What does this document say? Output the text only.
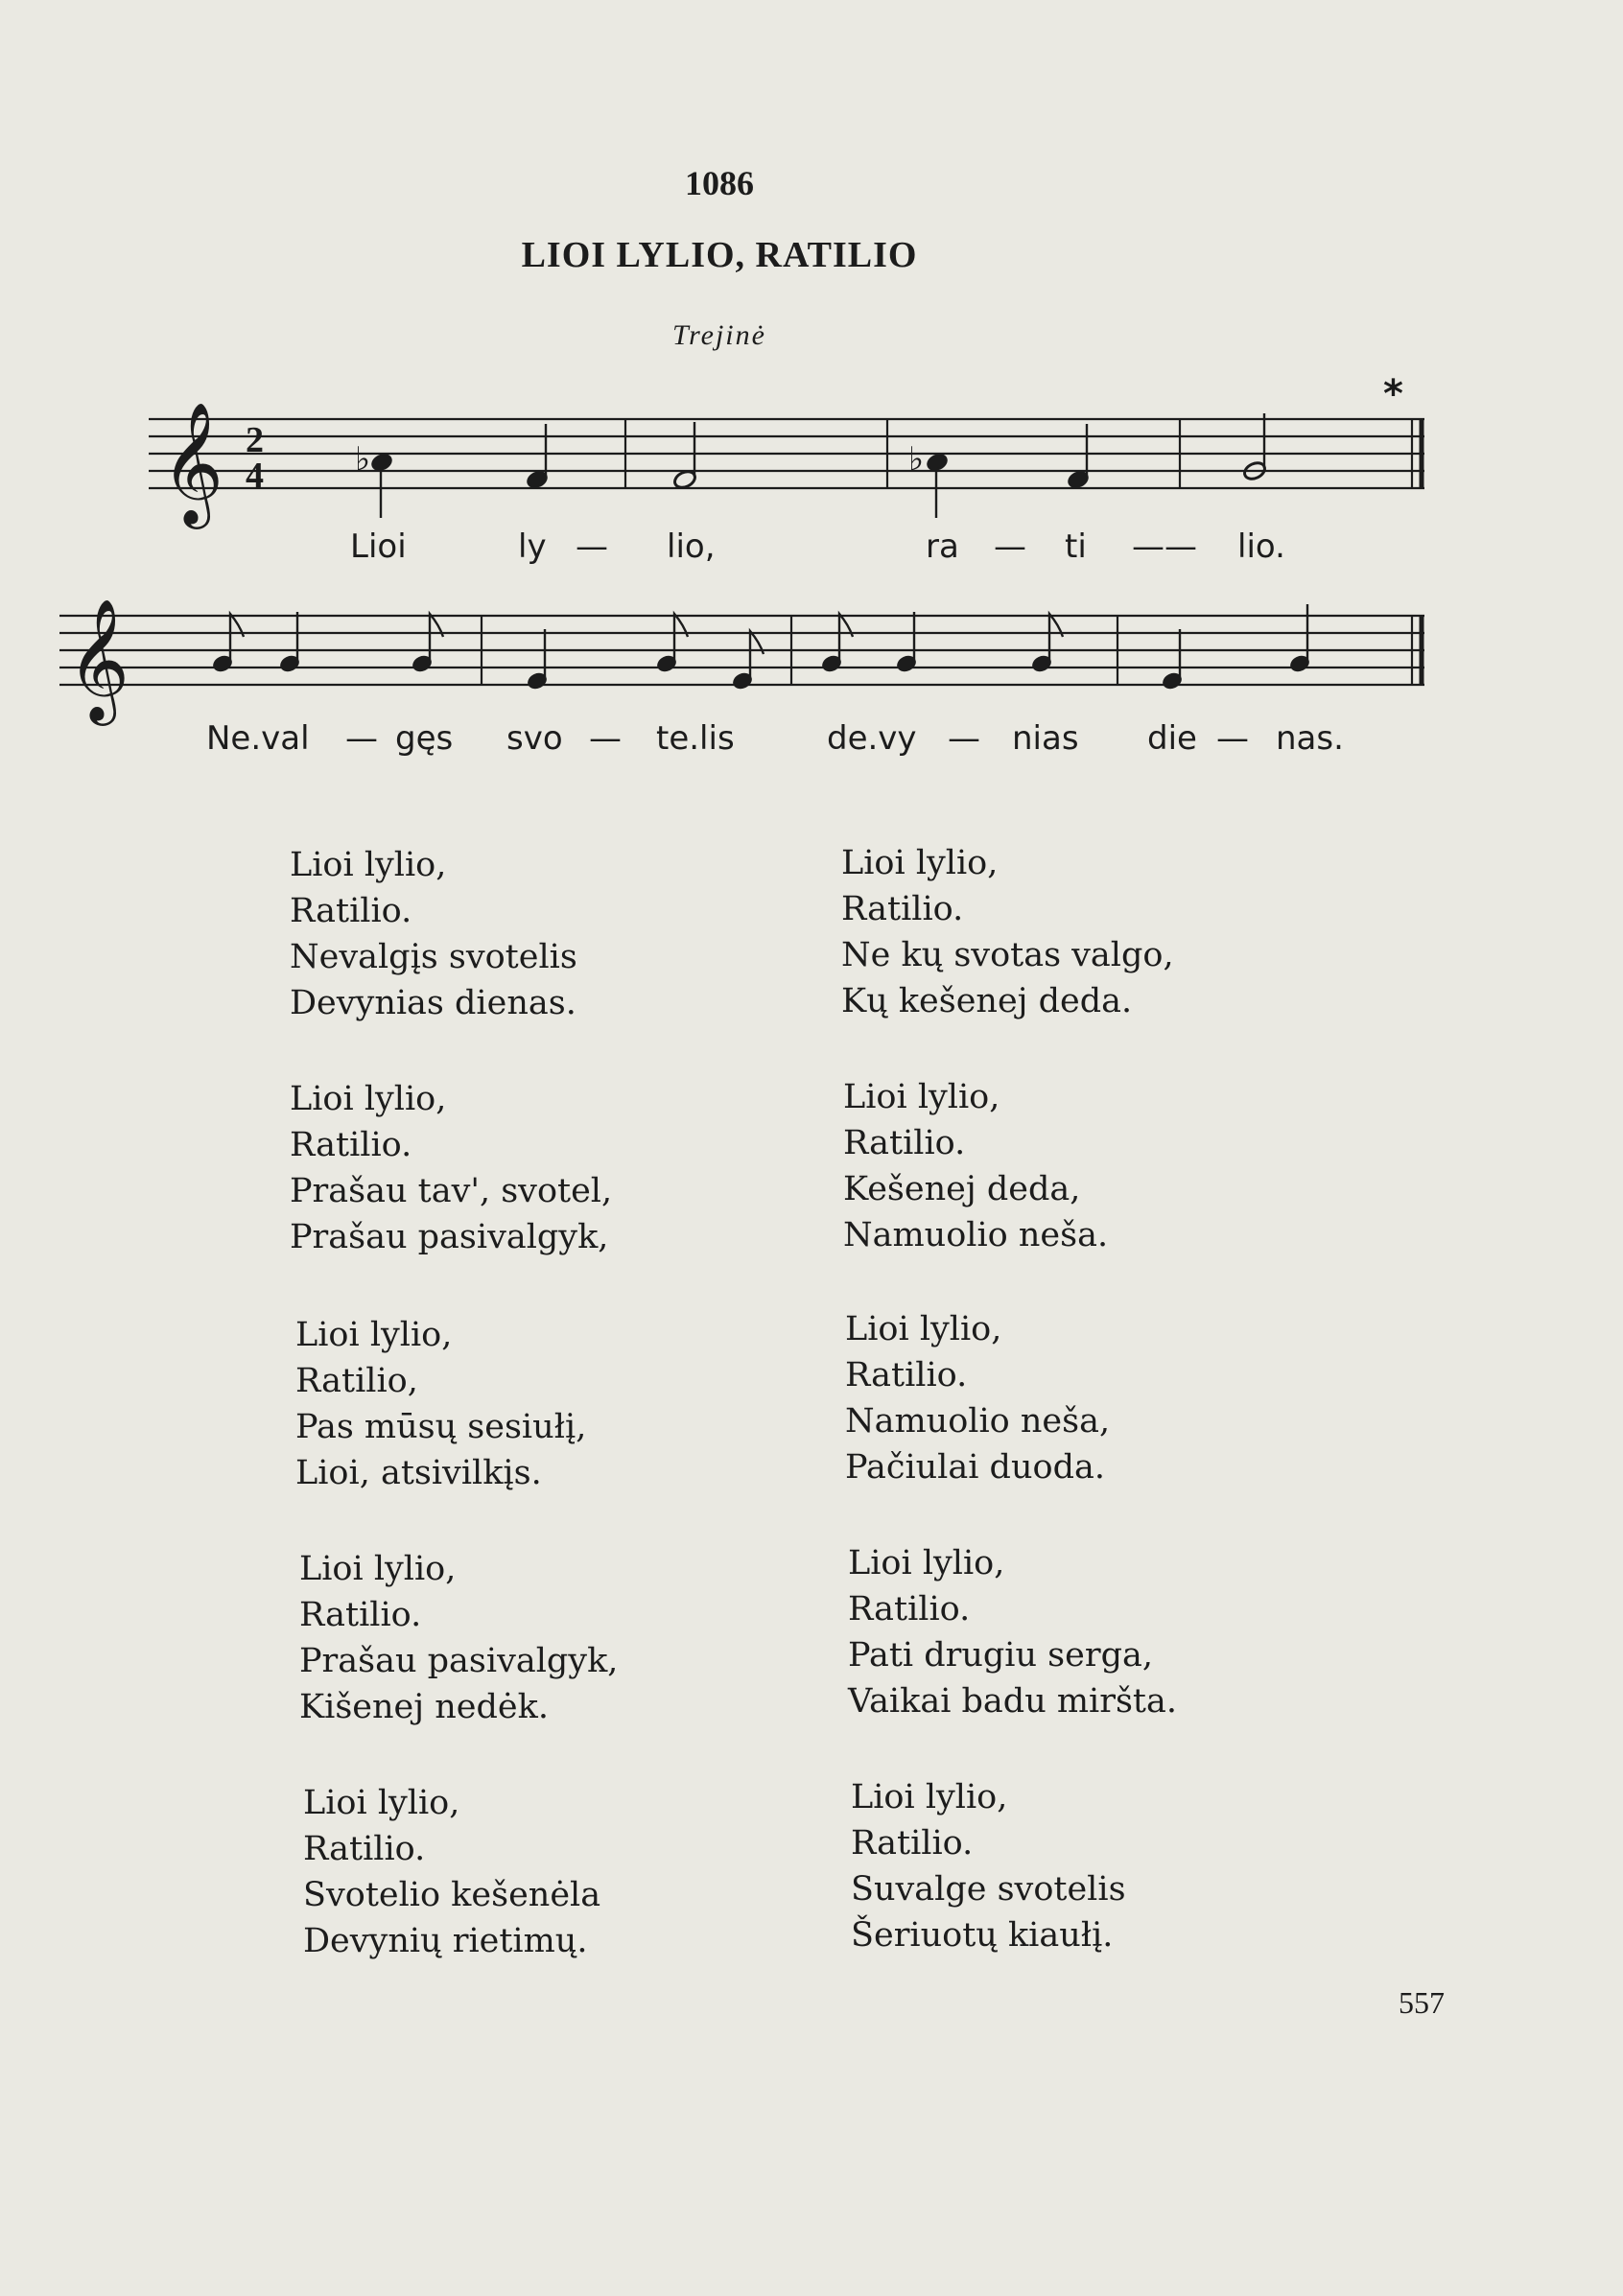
1086
LIOI LYLIO, RATILIO
Trejinė
*
𝄞 2
4	♭	♭
𝄞
Lioi	ly — lio,	ra — ti —— lio.
Ne.val — gęs svo — te.lis	de.vy — nias die — nas.
Lioi lylio,
Ratilio.
Nevalgįs svotelis
Devynias dienas.
Lioi lylio,
Ratilio.
Prašau tav', svotel,
Prašau pasivalgyk,
Lioi lylio,
Ratilio,
Pas mūsų sesiułį,
Lioi, atsivilkįs.
Lioi lylio,
Ratilio.
Prašau pasivalgyk,
Kišenej nedėk.
Lioi lylio,
Ratilio.
Svotelio kešenėla
Devynių rietimų.
Lioi lylio,
Ratilio.
Ne kų svotas valgo,
Kų kešenej deda.
Lioi lylio,
Ratilio.
Kešenej deda,
Namuolio neša.
Lioi lylio,
Ratilio.
Namuolio neša,
Pačiulai duoda.
Lioi lylio,
Ratilio.
Pati drugiu serga,
Vaikai badu miršta.
Lioi lylio,
Ratilio.
Suvalge svotelis
Šeriuotų kiaułį.
557
